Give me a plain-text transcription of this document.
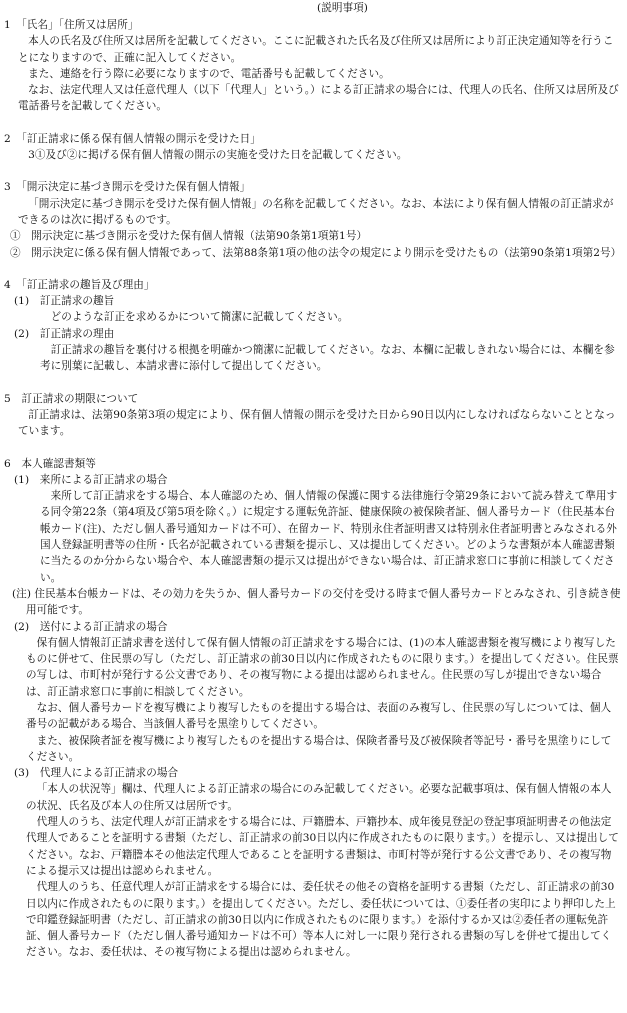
(説明事項)

1　「氏名」「住所又は居所」

本人の氏名及び住所又は居所を記載してください。ここに記載された氏名及び住所又は居所により訂正決定通知等を行うことになりますので、正確に記入してください。

また、連絡を行う際に必要になりますので、電話番号も記載してください。

なお、法定代理人又は任意代理人（以下「代理人」という。）による訂正請求の場合には、代理人の氏名、住所又は居所及び電話番号を記載してください。

2　「訂正請求に係る保有個人情報の開示を受けた日」

3①及び②に掲げる保有個人情報の開示の実施を受けた日を記載してください。

3　「開示決定に基づき開示を受けた保有個人情報」

「開示決定に基づき開示を受けた保有個人情報」の名称を記載してください。なお、本法により保有個人情報の訂正請求ができるのは次に掲げるものです。

①　開示決定に基づき開示を受けた保有個人情報（法第90条第1項第1号）

②　開示決定に係る保有個人情報であって、法第88条第1項の他の法令の規定により開示を受けたもの（法第90条第1項第2号）

4　「訂正請求の趣旨及び理由」

(1)　訂正請求の趣旨

どのような訂正を求めるかについて簡潔に記載してください。

(2)　訂正請求の理由

訂正請求の趣旨を裏付ける根拠を明確かつ簡潔に記載してください。なお、本欄に記載しきれない場合には、本欄を参考に別葉に記載し、本請求書に添付して提出してください。

5　訂正請求の期限について

訂正請求は、法第90条第3項の規定により、保有個人情報の開示を受けた日から90日以内にしなければならないこととなっています。

6　本人確認書類等

(1)　来所による訂正請求の場合

来所して訂正請求をする場合、本人確認のため、個人情報の保護に関する法律施行令第29条において読み替えて準用する同令第22条（第4項及び第5項を除く。）に規定する運転免許証、健康保険の被保険者証、個人番号カード（住民基本台帳カード(注)、ただし個人番号通知カードは不可）、在留カード、特別永住者証明書又は特別永住者証明書とみなされる外国人登録証明書等の住所・氏名が記載されている書類を提示し、又は提出してください。どのような書類が本人確認書類に当たるのか分からない場合や、本人確認書類の提示又は提出ができない場合は、訂正請求窓口に事前に相談してください。

(注) 住民基本台帳カードは、その効力を失うか、個人番号カードの交付を受ける時まで個人番号カードとみなされ、引き続き使用可能です。

(2)　送付による訂正請求の場合

保有個人情報訂正請求書を送付して保有個人情報の訂正請求をする場合には、(1)の本人確認書類を複写機により複写したものに併せて、住民票の写し（ただし、訂正請求の前30日以内に作成されたものに限ります。）を提出してください。住民票の写しは、市町村が発行する公文書であり、その複写物による提出は認められません。住民票の写しが提出できない場合は、訂正請求窓口に事前に相談してください。

なお、個人番号カードを複写機により複写したものを提出する場合は、表面のみ複写し、住民票の写しについては、個人番号の記載がある場合、当該個人番号を黒塗りしてください。

また、被保険者証を複写機により複写したものを提出する場合は、保険者番号及び被保険者等記号・番号を黒塗りにしてください。

(3)　代理人による訂正請求の場合

「本人の状況等」欄は、代理人による訂正請求の場合にのみ記載してください。必要な記載事項は、保有個人情報の本人の状況、氏名及び本人の住所又は居所です。

代理人のうち、法定代理人が訂正請求をする場合には、戸籍謄本、戸籍抄本、成年後見登記の登記事項証明書その他法定代理人であることを証明する書類（ただし、訂正請求の前30日以内に作成されたものに限ります。）を提示し、又は提出してください。なお、戸籍謄本その他法定代理人であることを証明する書類は、市町村等が発行する公文書であり、その複写物による提示又は提出は認められません。

代理人のうち、任意代理人が訂正請求をする場合には、委任状その他その資格を証明する書類（ただし、訂正請求の前30日以内に作成されたものに限ります。）を提出してください。ただし、委任状については、①委任者の実印により押印した上で印鑑登録証明書（ただし、訂正請求の前30日以内に作成されたものに限ります。）を添付するか又は②委任者の運転免許証、個人番号カード（ただし個人番号通知カードは不可）等本人に対し一に限り発行される書類の写しを併せて提出してください。なお、委任状は、その複写物による提出は認められません。
